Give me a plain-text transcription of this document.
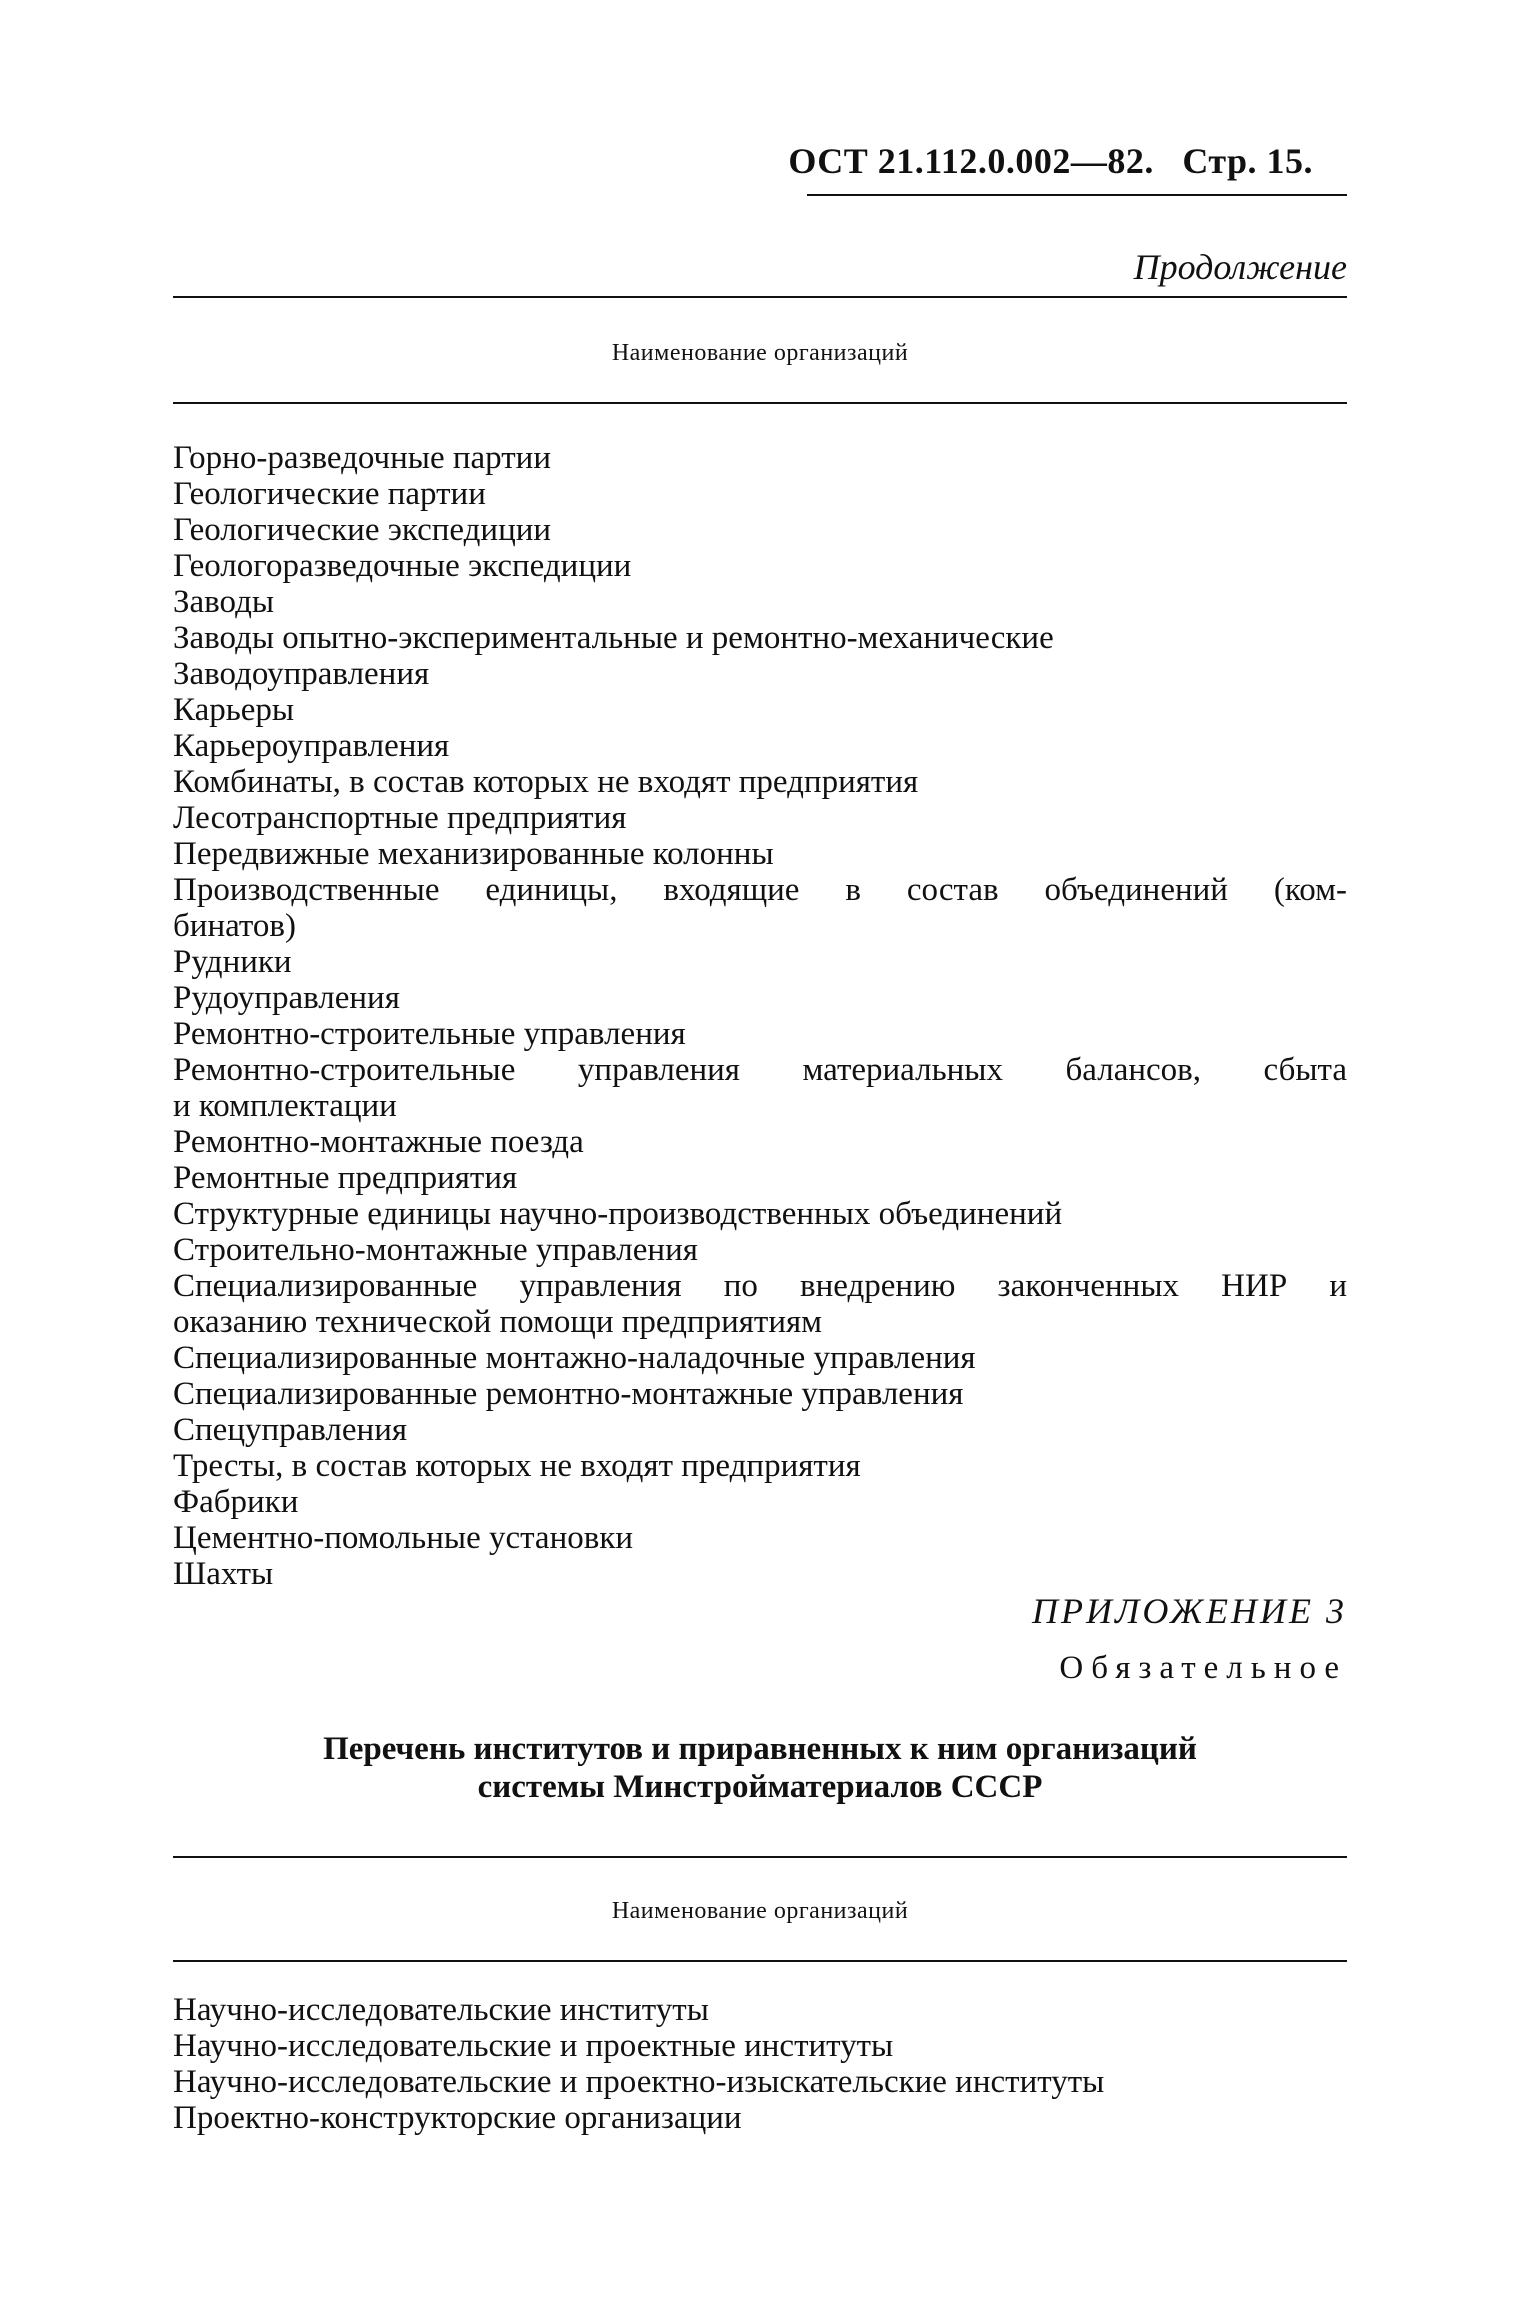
ОСТ 21.112.0.002—82. Стр. 15.
Продолжение
Наименование организаций
Горно-разведочные партии
Геологические партии
Геологические экспедиции
Геологоразведочные экспедиции
Заводы
Заводы опытно-экспериментальные и ремонтно-механические
Заводоуправления
Карьеры
Карьероуправления
Комбинаты, в состав которых не входят предприятия
Лесотранспортные предприятия
Передвижные механизированные колонны
Производственные единицы, входящие в состав объединений (ком-
бинатов)
Рудники
Рудоуправления
Ремонтно-строительные управления
Ремонтно-строительные управления материальных балансов, сбыта
и комплектации
Ремонтно-монтажные поезда
Ремонтные предприятия
Структурные единицы научно-производственных объединений
Строительно-монтажные управления
Специализированные управления по внедрению законченных НИР и
оказанию технической помощи предприятиям
Специализированные монтажно-наладочные управления
Специализированные ремонтно-монтажные управления
Спецуправления
Тресты, в состав которых не входят предприятия
Фабрики
Цементно-помольные установки
Шахты
ПРИЛОЖЕНИЕ 3
Обязательное
Перечень институтов и приравненных к ним организаций
системы Минстройматериалов СССР
Наименование организаций
Научно-исследовательские институты
Научно-исследовательские и проектные институты
Научно-исследовательские и проектно-изыскательские институты
Проектно-конструкторские организации
